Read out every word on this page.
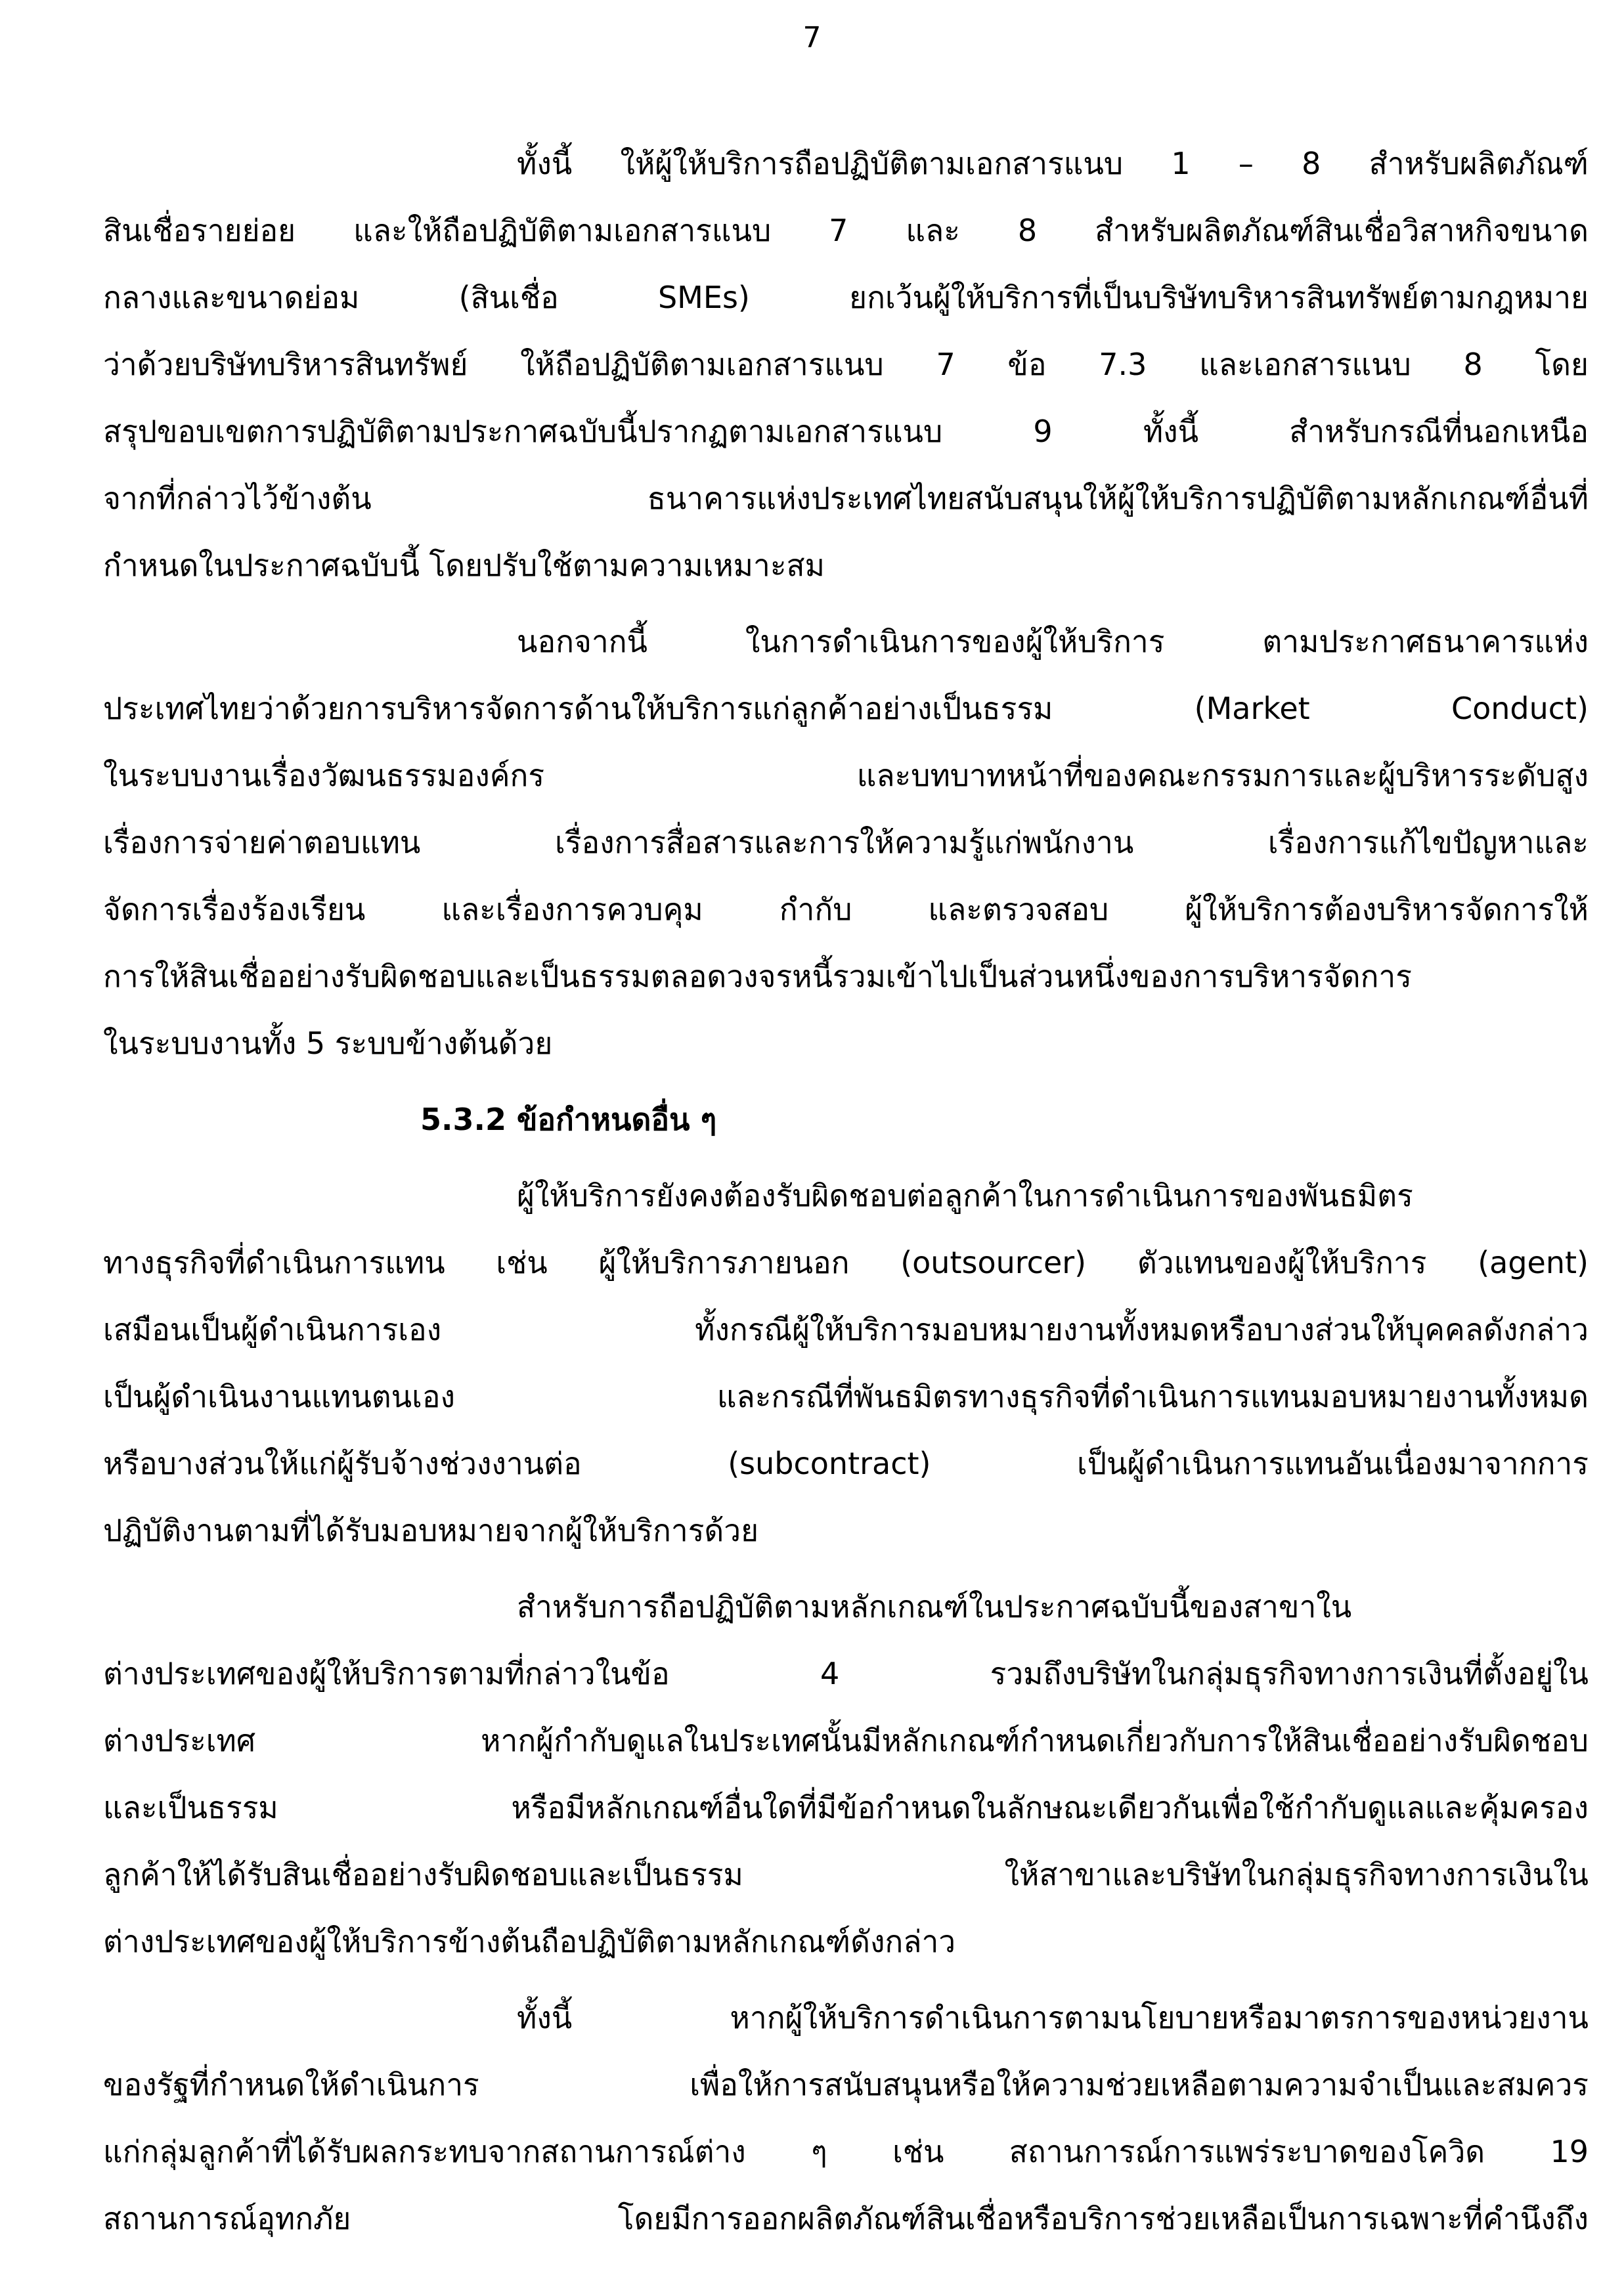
7
ทั้งนี้ ให้ผู้ให้บริการถือปฏิบัติตามเอกสารแนบ 1 – 8 สำหรับผลิตภัณฑ์
สินเชื่อรายย่อย และให้ถือปฏิบัติตามเอกสารแนบ 7 และ 8 สำหรับผลิตภัณฑ์สินเชื่อวิสาหกิจขนาด
กลางและขนาดย่อม (สินเชื่อ SMEs) ยกเว้นผู้ให้บริการที่เป็นบริษัทบริหารสินทรัพย์ตามกฎหมาย
ว่าด้วยบริษัทบริหารสินทรัพย์ ให้ถือปฏิบัติตามเอกสารแนบ 7 ข้อ 7.3 และเอกสารแนบ 8 โดย
สรุปขอบเขตการปฏิบัติตามประกาศฉบับนี้ปรากฏตามเอกสารแนบ 9 ทั้งนี้ สำหรับกรณีที่นอกเหนือ
จากที่กล่าวไว้ข้างต้น ธนาคารแห่งประเทศไทยสนับสนุนให้ผู้ให้บริการปฏิบัติตามหลักเกณฑ์อื่นที่
กำหนดในประกาศฉบับนี้ โดยปรับใช้ตามความเหมาะสม
นอกจากนี้ ในการดำเนินการของผู้ให้บริการ ตามประกาศธนาคารแห่ง
ประเทศไทยว่าด้วยการบริหารจัดการด้านให้บริการแก่ลูกค้าอย่างเป็นธรรม (Market Conduct)
ในระบบงานเรื่องวัฒนธรรมองค์กร และบทบาทหน้าที่ของคณะกรรมการและผู้บริหารระดับสูง
เรื่องการจ่ายค่าตอบแทน เรื่องการสื่อสารและการให้ความรู้แก่พนักงาน เรื่องการแก้ไขปัญหาและ
จัดการเรื่องร้องเรียน และเรื่องการควบคุม กำกับ และตรวจสอบ ผู้ให้บริการต้องบริหารจัดการให้
การให้สินเชื่ออย่างรับผิดชอบและเป็นธรรมตลอดวงจรหนี้รวมเข้าไปเป็นส่วนหนึ่งของการบริหารจัดการ
ในระบบงานทั้ง 5 ระบบข้างต้นด้วย
5.3.2 ข้อกำหนดอื่น ๆ
ผู้ให้บริการยังคงต้องรับผิดชอบต่อลูกค้าในการดำเนินการของพันธมิตร
ทางธุรกิจที่ดำเนินการแทน เช่น ผู้ให้บริการภายนอก (outsourcer) ตัวแทนของผู้ให้บริการ (agent)
เสมือนเป็นผู้ดำเนินการเอง ทั้งกรณีผู้ให้บริการมอบหมายงานทั้งหมดหรือบางส่วนให้บุคคลดังกล่าว
เป็นผู้ดำเนินงานแทนตนเอง และกรณีที่พันธมิตรทางธุรกิจที่ดำเนินการแทนมอบหมายงานทั้งหมด
หรือบางส่วนให้แก่ผู้รับจ้างช่วงงานต่อ (subcontract) เป็นผู้ดำเนินการแทนอันเนื่องมาจากการ
ปฏิบัติงานตามที่ได้รับมอบหมายจากผู้ให้บริการด้วย
สำหรับการถือปฏิบัติตามหลักเกณฑ์ในประกาศฉบับนี้ของสาขาใน
ต่างประเทศของผู้ให้บริการตามที่กล่าวในข้อ 4 รวมถึงบริษัทในกลุ่มธุรกิจทางการเงินที่ตั้งอยู่ใน
ต่างประเทศ หากผู้กำกับดูแลในประเทศนั้นมีหลักเกณฑ์กำหนดเกี่ยวกับการให้สินเชื่ออย่างรับผิดชอบ
และเป็นธรรม หรือมีหลักเกณฑ์อื่นใดที่มีข้อกำหนดในลักษณะเดียวกันเพื่อใช้กำกับดูแลและคุ้มครอง
ลูกค้าให้ได้รับสินเชื่ออย่างรับผิดชอบและเป็นธรรม ให้สาขาและบริษัทในกลุ่มธุรกิจทางการเงินใน
ต่างประเทศของผู้ให้บริการข้างต้นถือปฏิบัติตามหลักเกณฑ์ดังกล่าว
ทั้งนี้ หากผู้ให้บริการดำเนินการตามนโยบายหรือมาตรการของหน่วยงาน
ของรัฐที่กำหนดให้ดำเนินการ เพื่อให้การสนับสนุนหรือให้ความช่วยเหลือตามความจำเป็นและสมควร
แก่กลุ่มลูกค้าที่ได้รับผลกระทบจากสถานการณ์ต่าง ๆ เช่น สถานการณ์การแพร่ระบาดของโควิด 19
สถานการณ์อุทกภัย โดยมีการออกผลิตภัณฑ์สินเชื่อหรือบริการช่วยเหลือเป็นการเฉพาะที่คำนึงถึง
